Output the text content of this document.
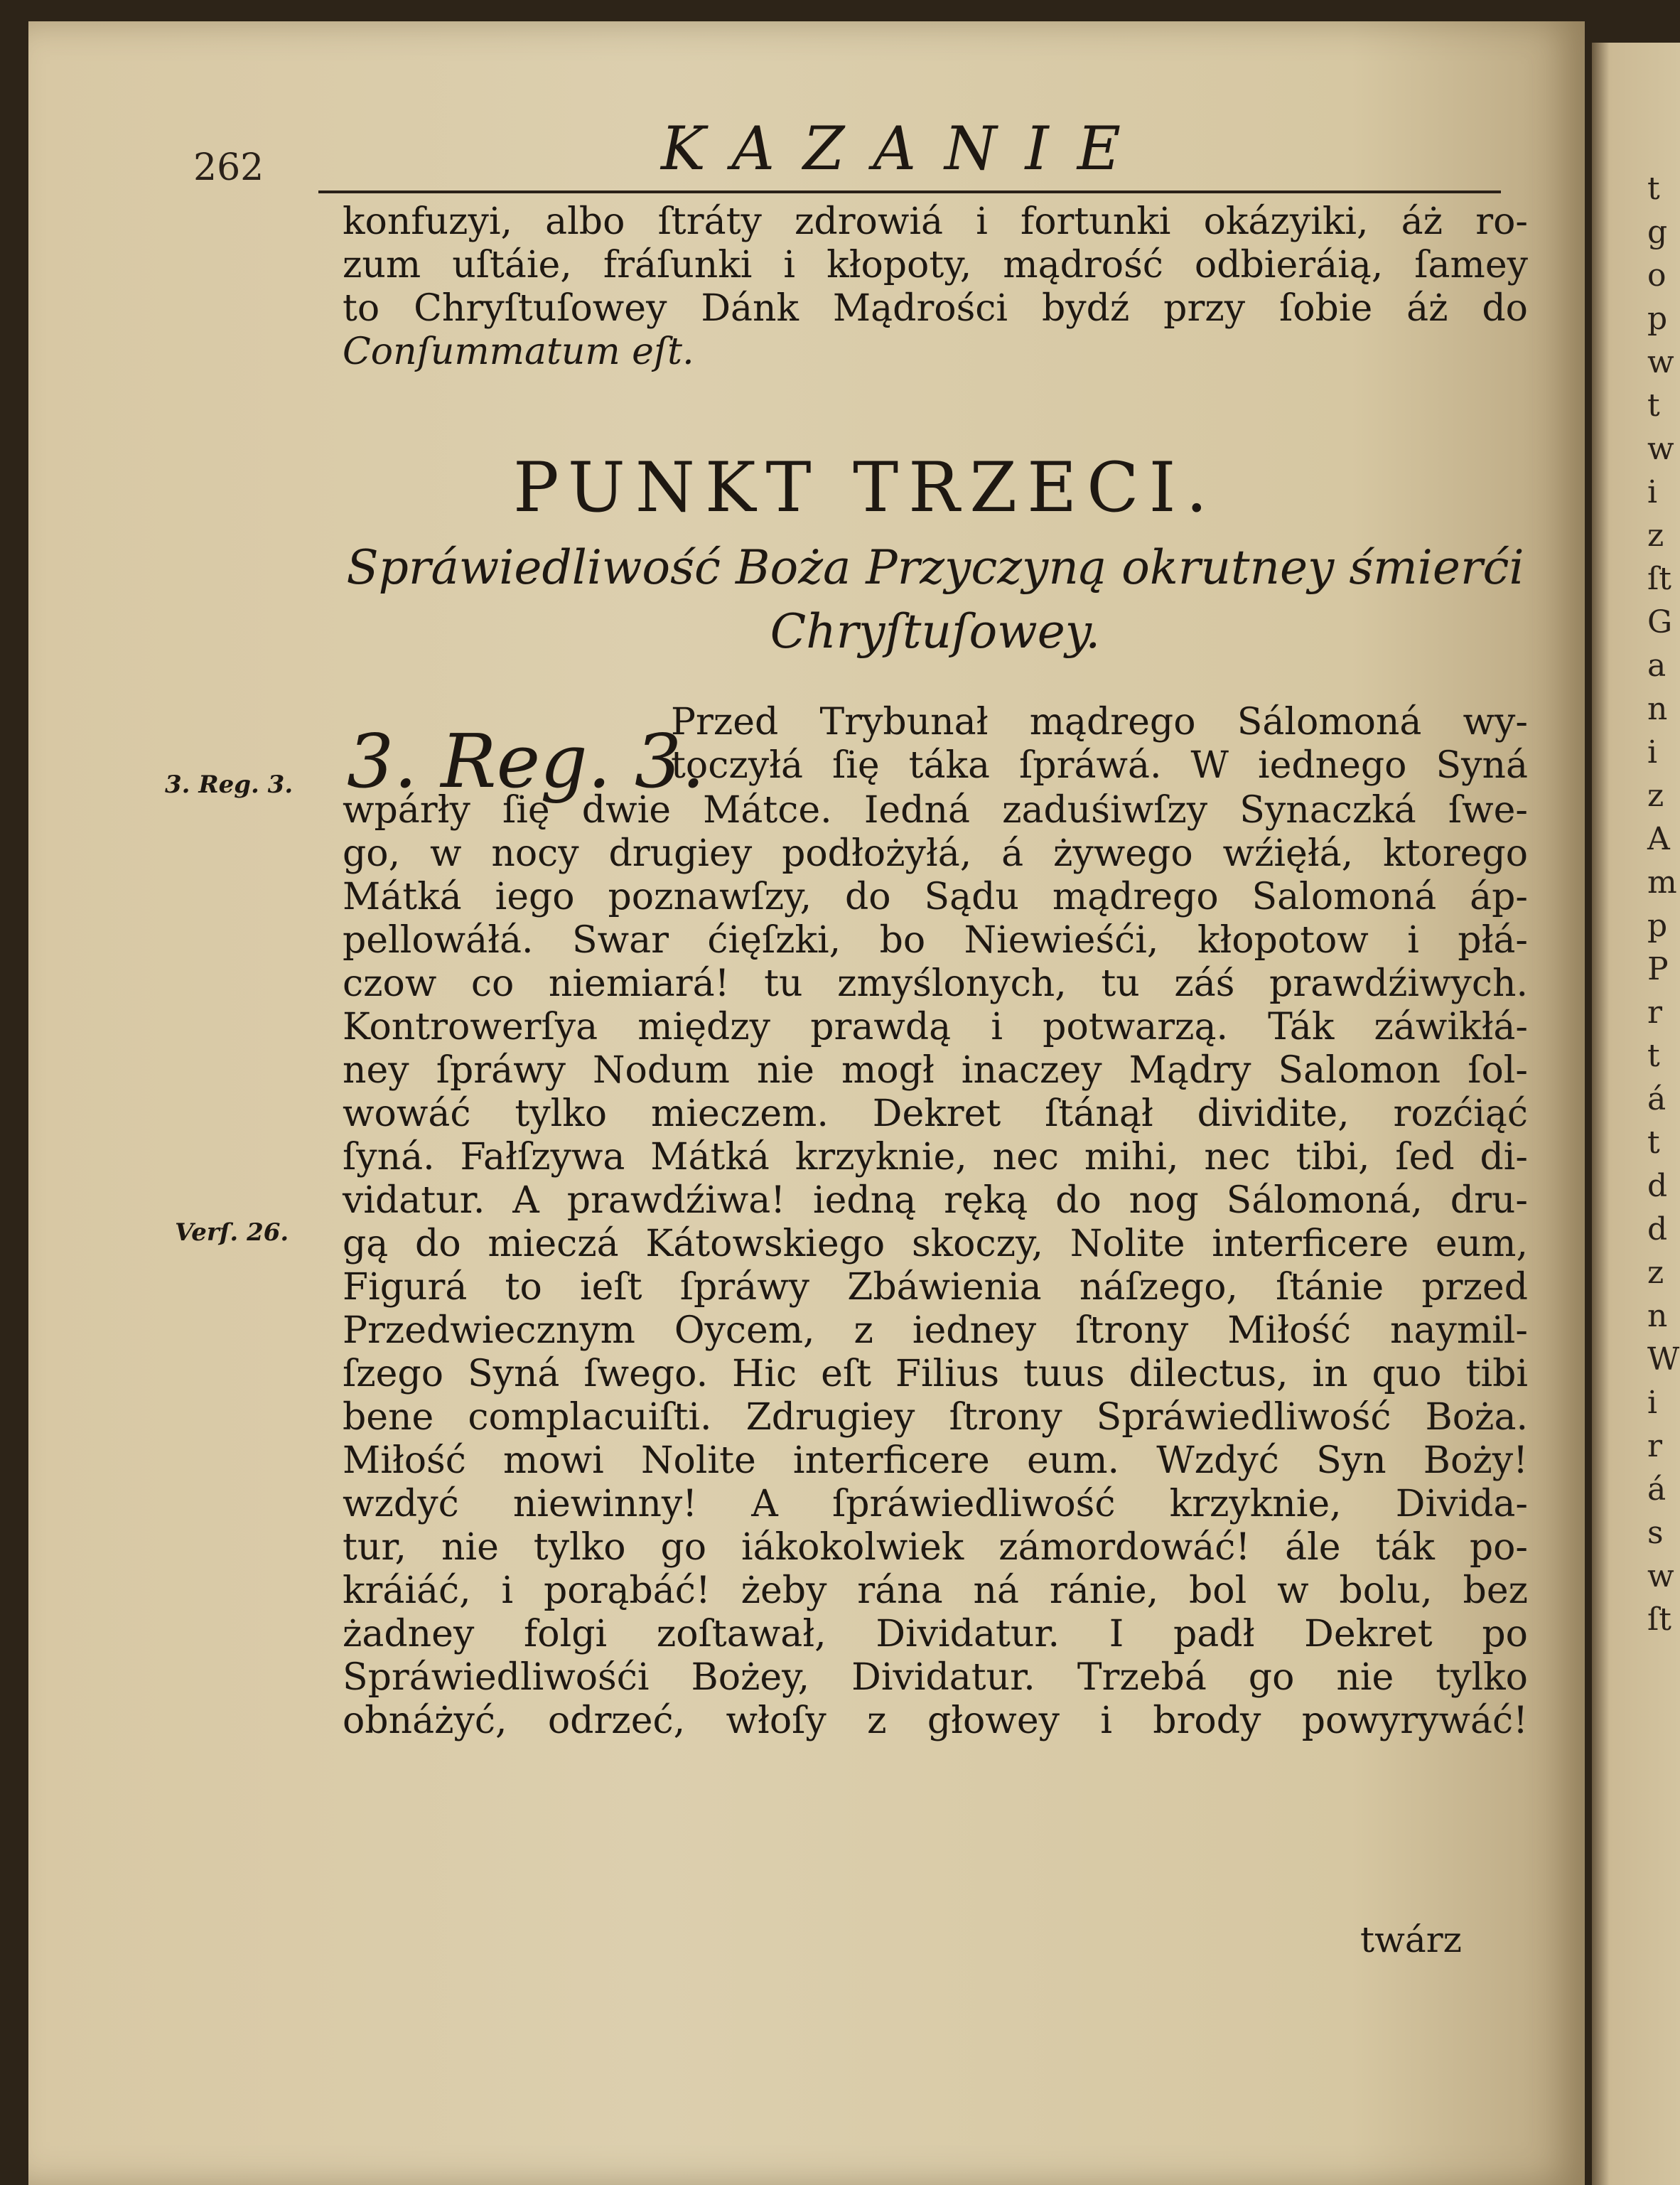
t
g
o
p
w
t
w
i
z
ſt
G
a
n
i
z
A
m
p
P
r
t
á
t
d
d
z
n
W
i
r
á
s
w
ſt
262	KAZANIE
konfuzyi, albo ſtráty zdrowiá i fortunki okázyiki, áż ro-
zum uſtáie, fráſunki i kłopoty, mądrość odbieráią, ſamey
to Chryſtuſowey Dánk Mądrości bydź przy ſobie áż do
Conſummatum eſt.
PUNKT TRZECI.
Spráwiedliwość Boża Przyczyną okrutney śmierći
Chryſtuſowey.
3. Reg. 3.
3. Reg. 3.
Verſ. 26.
Przed Trybunał mądrego Sálomoná wy-
toczyłá ſię táka ſpráwá. W iednego Syná
wpárły ſię dwie Mátce. Iedná zaduśiwſzy Synaczká ſwe-
go, w nocy drugiey podłożyłá, á żywego wźięłá, ktorego
Mátká iego poznawſzy, do Sądu mądrego Salomoná áp-
pellowáłá. Swar ćięſzki, bo Niewieśći, kłopotow i płá-
czow co niemiará! tu zmyślonych, tu záś prawdźiwych.
Kontrowerſya między prawdą i potwarzą. Ták záwikłá-
ney ſpráwy Nodum nie mogł inaczey Mądry Salomon ſol-
wowáć tylko mieczem. Dekret ſtánął dividite, rozćiąć
ſyná. Fałſzywa Mátká krzyknie, nec mihi, nec tibi, ſed di-
vidatur. A prawdźiwa! iedną ręką do nog Sálomoná, dru-
gą do mieczá Kátowskiego skoczy, Nolite interficere eum,
Figurá to ieſt ſpráwy Zbáwienia náſzego, ſtánie przed
Przedwiecznym Oycem, z iedney ſtrony Miłość naymil-
ſzego Syná ſwego. Hic eſt Filius tuus dilectus, in quo tibi
bene complacuiſti. Zdrugiey ſtrony Spráwiedliwość Boża.
Miłość mowi Nolite interficere eum. Wzdyć Syn Boży!
wzdyć niewinny! A ſpráwiedliwość krzyknie, Divida-
tur, nie tylko go iákokolwiek zámordowáć! ále ták po-
kráiáć, i porąbáć! żeby rána ná ránie, bol w bolu, bez
żadney folgi zoſtawał, Dividatur. I padł Dekret po
Spráwiedliwośći Bożey, Dividatur. Trzebá go nie tylko
obnáżyć, odrzeć, włoſy z głowey i brody powyrywáć!
twárz
